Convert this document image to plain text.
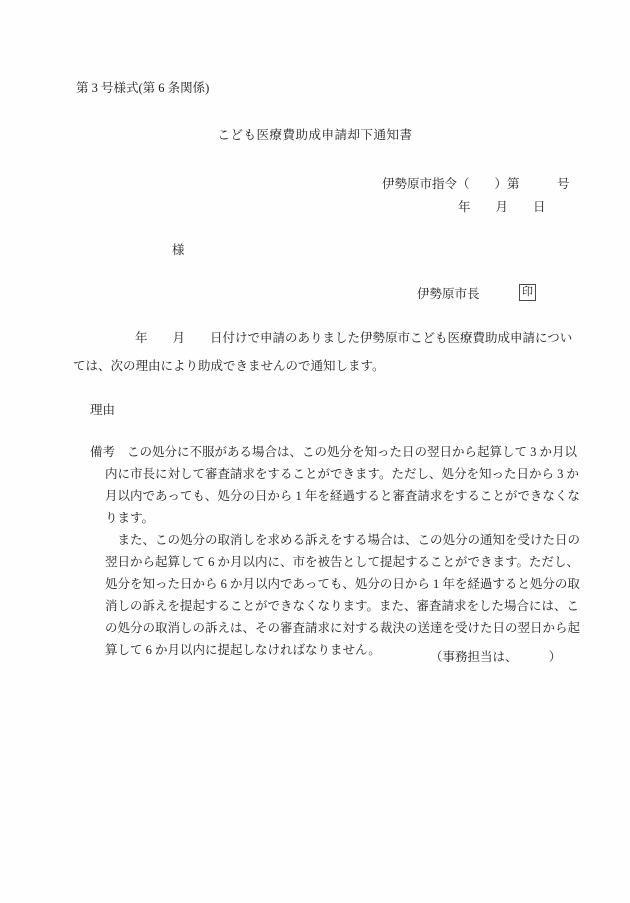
第 3 号様式(第 6 条関係)
こども医療費助成申請却下通知書
伊勢原市指令（　　）第　　　号
年　　月　　日
様
伊勢原市長	印
年　　月　　日付けで申請のありました伊勢原市こども医療費助成申請につい
ては、次の理由により助成できませんので通知します。
理由
備考 この処分に不服がある場合は、この処分を知った日の翌日から起算して 3 か月以
内に市長に対して審査請求をすることができます。ただし、処分を知った日から 3 か
月以内であっても、処分の日から 1 年を経過すると審査請求をすることができなくな
ります。
　また、この処分の取消しを求める訴えをする場合は、この処分の通知を受けた日の
翌日から起算して 6 か月以内に、市を被告として提起することができます。ただし、
処分を知った日から 6 か月以内であっても、処分の日から 1 年を経過すると処分の取
消しの訴えを提起することができなくなります。また、審査請求をした場合には、こ
の処分の取消しの訴えは、その審査請求に対する裁決の送達を受けた日の翌日から起
算して 6 か月以内に提起しなければなりません。	（事務担当は、　　　）
